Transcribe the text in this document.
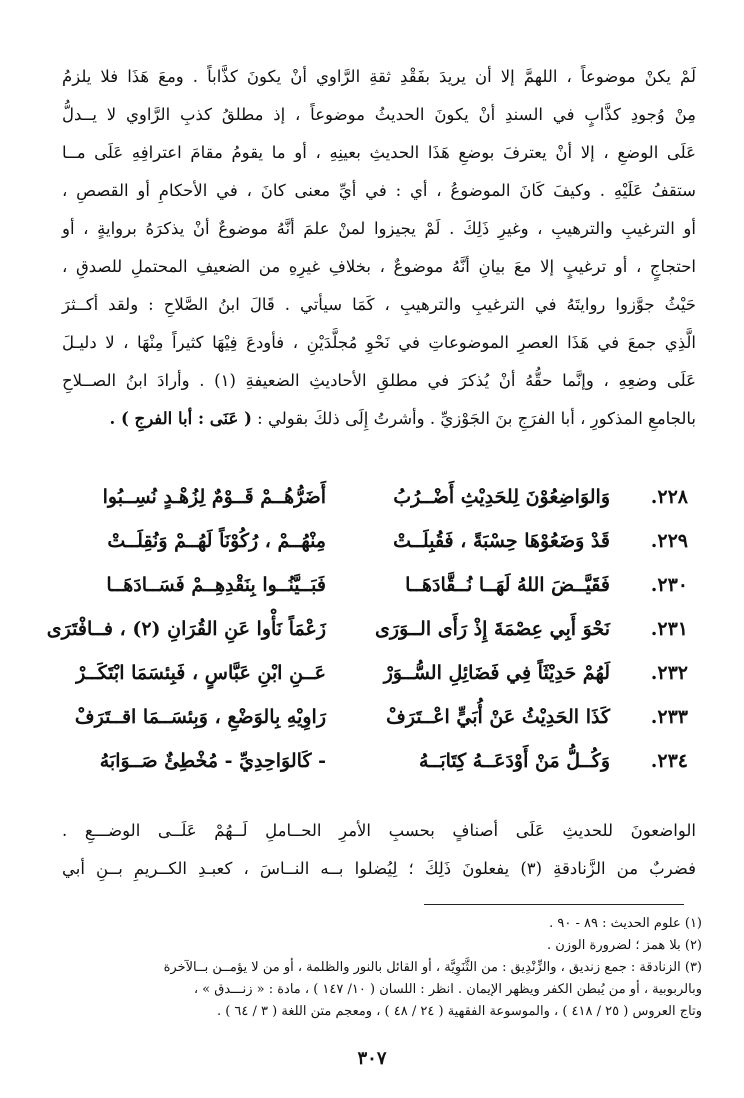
لَمْ يكنْ موضوعاً ، اللهمَّ إلا أن يريدَ بفَقْدِ ثقةِ الرَّاوي أنْ يكونَ كذَّاباً . ومعَ هَذَا فلا يلزمُ
مِنْ وُجودِ كذَّابٍ في السندِ أنْ يكونَ الحديثُ موضوعاً ، إذ مطلقُ كذبِ الرَّاوي لا يــدلُّ
عَلَى الوضعِ ، إلا أنْ يعترفَ بوضعِ هَذَا الحديثِ بعينِهِ ، أو ما يقومُ مقامَ اعترافِهِ عَلَى مــا
ستقفُ عَلَيْهِ . وكيفَ كَانَ الموضوعُ ، أي : في أيِّ معنى كانَ ، في الأحكامِ أو القصصِ ،
أو الترغيبِ والترهيبِ ، وغيرِ ذَلِكَ . لَمْ يجيزوا لمنْ علمَ أنَّهُ موضوعٌ أنْ يذكرَهُ بروايةٍ ، أو
احتجاجٍ ، أو ترغيبٍ إلا معَ بيانِ أنَّهُ موضوعٌ ، بخلافِ غيرِهِ من الضعيفِ المحتملِ للصدقِ ،
حَيْثُ جوَّزوا روايتَهُ في الترغيبِ والترهيبِ ، كَمَا سيأتي . قَالَ ابنُ الصَّلاحِ : ولقد أكــثرَ
الَّذِي جمعَ في هَذَا العصرِ الموضوعاتِ في نَحْوِ مُجلَّدَيْنِ ، فأودعَ فِيْهَا كثيراً مِنْهَا ، لا دليـلَ
عَلَى وضعِهِ ، وإنَّما حقُّهُ أنْ يُذكرَ في مطلقِ الأحاديثِ الضعيفةِ (١) . وأرادَ ابنُ الصــلاحِ
بالجامعِ المذكورِ ، أبا الفرَجِ بنَ الجَوْزيِّ . وأشرتُ إِلَى ذلكَ بقولي : ( عَنَى : أبا الفرجِ ) .
٢٢٨.
وَالوَاضِعُوْنَ لِلحَدِيْثِ أَضْــرُبُ
أَضَرُّهُــمْ قَــوْمٌ لِزُهْـدٍ نُسِــبُوا
٢٢٩.
قَدْ وَضَعُوْهَا حِسْبَةً ، فَقُبِلَــتْ
مِنْهُــمْ ، رُكُوْنَاً لَهُــمْ وَنُقِلَــتْ
٢٣٠.
فَقَيَّــضَ اللهُ لَهَــا نُــقَّادَهَــا
فَبَــيَّنُــوا بِنَقْدِهِــمْ فَسَــادَهَــا
٢٣١.
نَحْوَ أَبِي عِصْمَةَ إِذْ رَأَى الــوَرَى
زَعْمَاً نَأْوا عَنِ القُرَانِ (٢) ، فــافْتَرَى
٢٣٢.
لَهُمْ حَدِيْثَاً فِي فَضَائِلِ السُّــوَرْ
عَــنِ ابْنِ عَبَّاسٍ ، فَبِئسَمَا ابْتَكَــرْ
٢٣٣.
كَذَا الحَدِيْثُ عَنْ أُبَيٍّ اعْــتَرَفْ
رَاوِيْهِ بِالوَضْعِ ، وَبِئسَــمَا اقــتَرَفْ
٢٣٤.
وَكُــلُّ مَنْ أَوْدَعَــهُ كِتَابَــهُ
- كَالوَاحِدِيِّ - مُخْطِئٌ صَــوَابَهُ
الواضعونَ للحديثِ عَلَى أصنافٍ بحسبِ الأمرِ الحــاملِ لَــهُمْ عَلَــى الوضـــعِ .
فضربٌ من الزَّنادقةِ (٣) يفعلونَ ذَلِكَ ؛ لِيُضلوا بــه النــاسَ ، كعبـدِ الكــريمِ بــنِ أبي
(١) علوم الحديث : ٨٩ - ٩٠ .
(٢) بلا همز ؛ لضرورة الوزن .
(٣) الزنادقة : جمع زنديق ، والزِّنْدِيق : من الثَّنَوِيَّة ، أو القائل بالنور والظلمة ، أو من لا يؤمــن بــالآخرة
وبالربوبية ، أو من يُبطن الكفر ويظهر الإيمان . انظر : اللسان ( ١٠/ ١٤٧ ) ، مادة : « زنـــدق » ،
وتاج العروس ( ٢٥ / ٤١٨ ) ، والموسوعة الفقهية ( ٢٤ / ٤٨ ) ، ومعجم متن اللغة ( ٣ / ٦٤ ) .
٣٠٧
